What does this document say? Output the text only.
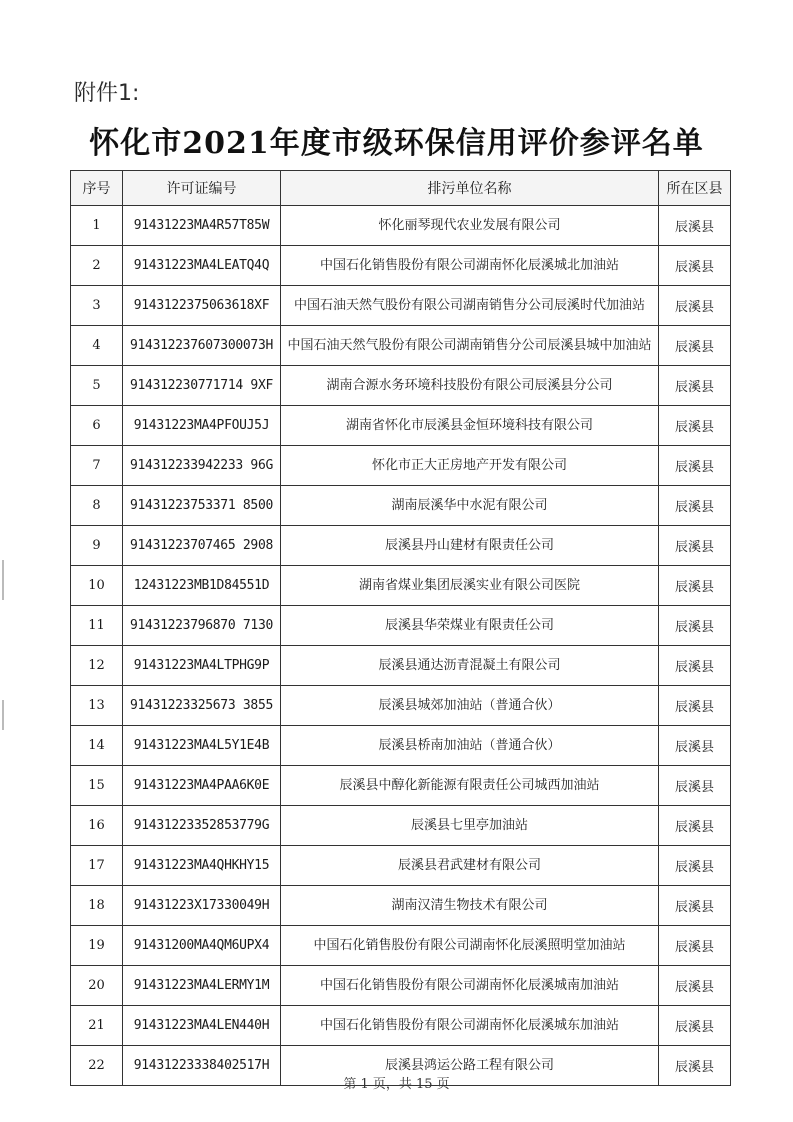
附件1:
怀化市2021年度市级环保信用评价参评名单
序号	许可证编号	排污单位名称	所在区县
1	91431223MA4R57T85W	怀化丽琴现代农业发展有限公司	辰溪县
2	91431223MA4LEATQ4Q	中国石化销售股份有限公司湖南怀化辰溪城北加油站	辰溪县
3	9143122375063618XF	中国石油天然气股份有限公司湖南销售分公司辰溪时代加油站	辰溪县
4	914312237607300073H	中国石油天然气股份有限公司湖南销售分公司辰溪县城中加油站	辰溪县
5	914312230771714 9XF	湖南合源水务环境科技股份有限公司辰溪县分公司	辰溪县
6	91431223MA4PFOUJ5J	湖南省怀化市辰溪县金恒环境科技有限公司	辰溪县
7	914312233942233 96G	怀化市正大正房地产开发有限公司	辰溪县
8	91431223753371 8500	湖南辰溪华中水泥有限公司	辰溪县
9	91431223707465 2908	辰溪县丹山建材有限责任公司	辰溪县
10	12431223MB1D84551D	湖南省煤业集团辰溪实业有限公司医院	辰溪县
11	91431223796870 7130	辰溪县华荣煤业有限责任公司	辰溪县
12	91431223MA4LTPHG9P	辰溪县通达沥青混凝土有限公司	辰溪县
13	91431223325673 3855	辰溪县城郊加油站（普通合伙）	辰溪县
14	91431223MA4L5Y1E4B	辰溪县桥南加油站（普通合伙）	辰溪县
15	91431223MA4PAA6K0E	辰溪县中醇化新能源有限责任公司城西加油站	辰溪县
16	91431223352853779G	辰溪县七里亭加油站	辰溪县
17	91431223MA4QHKHY15	辰溪县君武建材有限公司	辰溪县
18	91431223X17330049H	湖南汉清生物技术有限公司	辰溪县
19	91431200MA4QM6UPX4	中国石化销售股份有限公司湖南怀化辰溪照明堂加油站	辰溪县
20	91431223MA4LERMY1M	中国石化销售股份有限公司湖南怀化辰溪城南加油站	辰溪县
21	91431223MA4LEN440H	中国石化销售股份有限公司湖南怀化辰溪城东加油站	辰溪县
22	91431223338402517H	辰溪县鸿运公路工程有限公司	辰溪县
第 1 页，共 15 页
